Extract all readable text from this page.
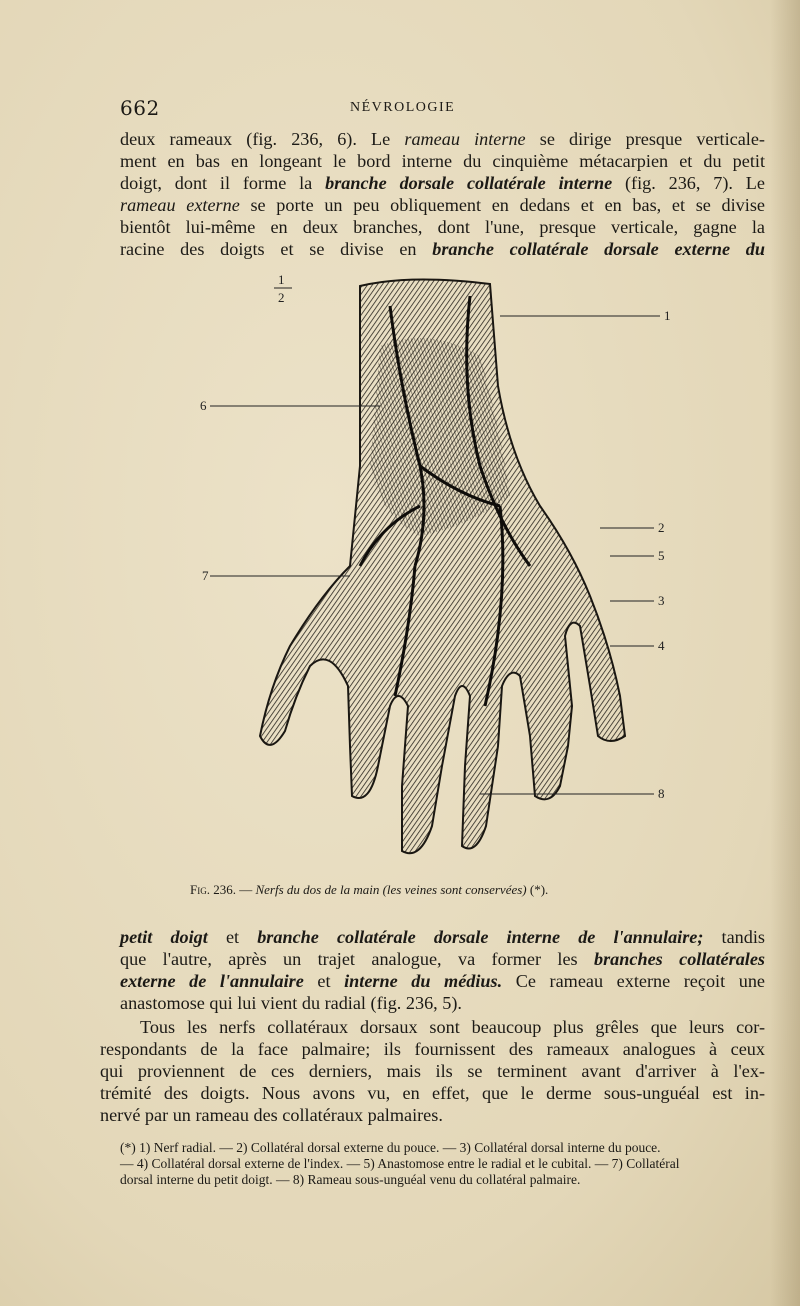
662	NÉVROLOGIE
deux rameaux (fig. 236, 6). Le rameau interne se dirige presque verticale-
ment en bas en longeant le bord interne du cinquième métacarpien et du petit
doigt, dont il forme la branche dorsale collatérale interne (fig. 236, 7). Le
rameau externe se porte un peu obliquement en dedans et en bas, et se divise
bientôt lui-même en deux branches, dont l'une, presque verticale, gagne la
racine des doigts et se divise en branche collatérale dorsale externe du
1
2
1
6
7
2
5
3
4
8
Fig. 236. — Nerfs du dos de la main (les veines sont conservées) (*).
petit doigt et branche collatérale dorsale interne de l'annulaire; tandis
que l'autre, après un trajet analogue, va former les branches collatérales
externe de l'annulaire et interne du médius. Ce rameau externe reçoit une
anastomose qui lui vient du radial (fig. 236, 5).
Tous les nerfs collatéraux dorsaux sont beaucoup plus grêles que leurs cor-
respondants de la face palmaire; ils fournissent des rameaux analogues à ceux
qui proviennent de ces derniers, mais ils se terminent avant d'arriver à l'ex-
trémité des doigts. Nous avons vu, en effet, que le derme sous-unguéal est in-
nervé par un rameau des collatéraux palmaires.
(*) 1) Nerf radial. — 2) Collatéral dorsal externe du pouce. — 3) Collatéral dorsal interne du pouce.
— 4) Collatéral dorsal externe de l'index. — 5) Anastomose entre le radial et le cubital. — 7) Collatéral
dorsal interne du petit doigt. — 8) Rameau sous-unguéal venu du collatéral palmaire.
